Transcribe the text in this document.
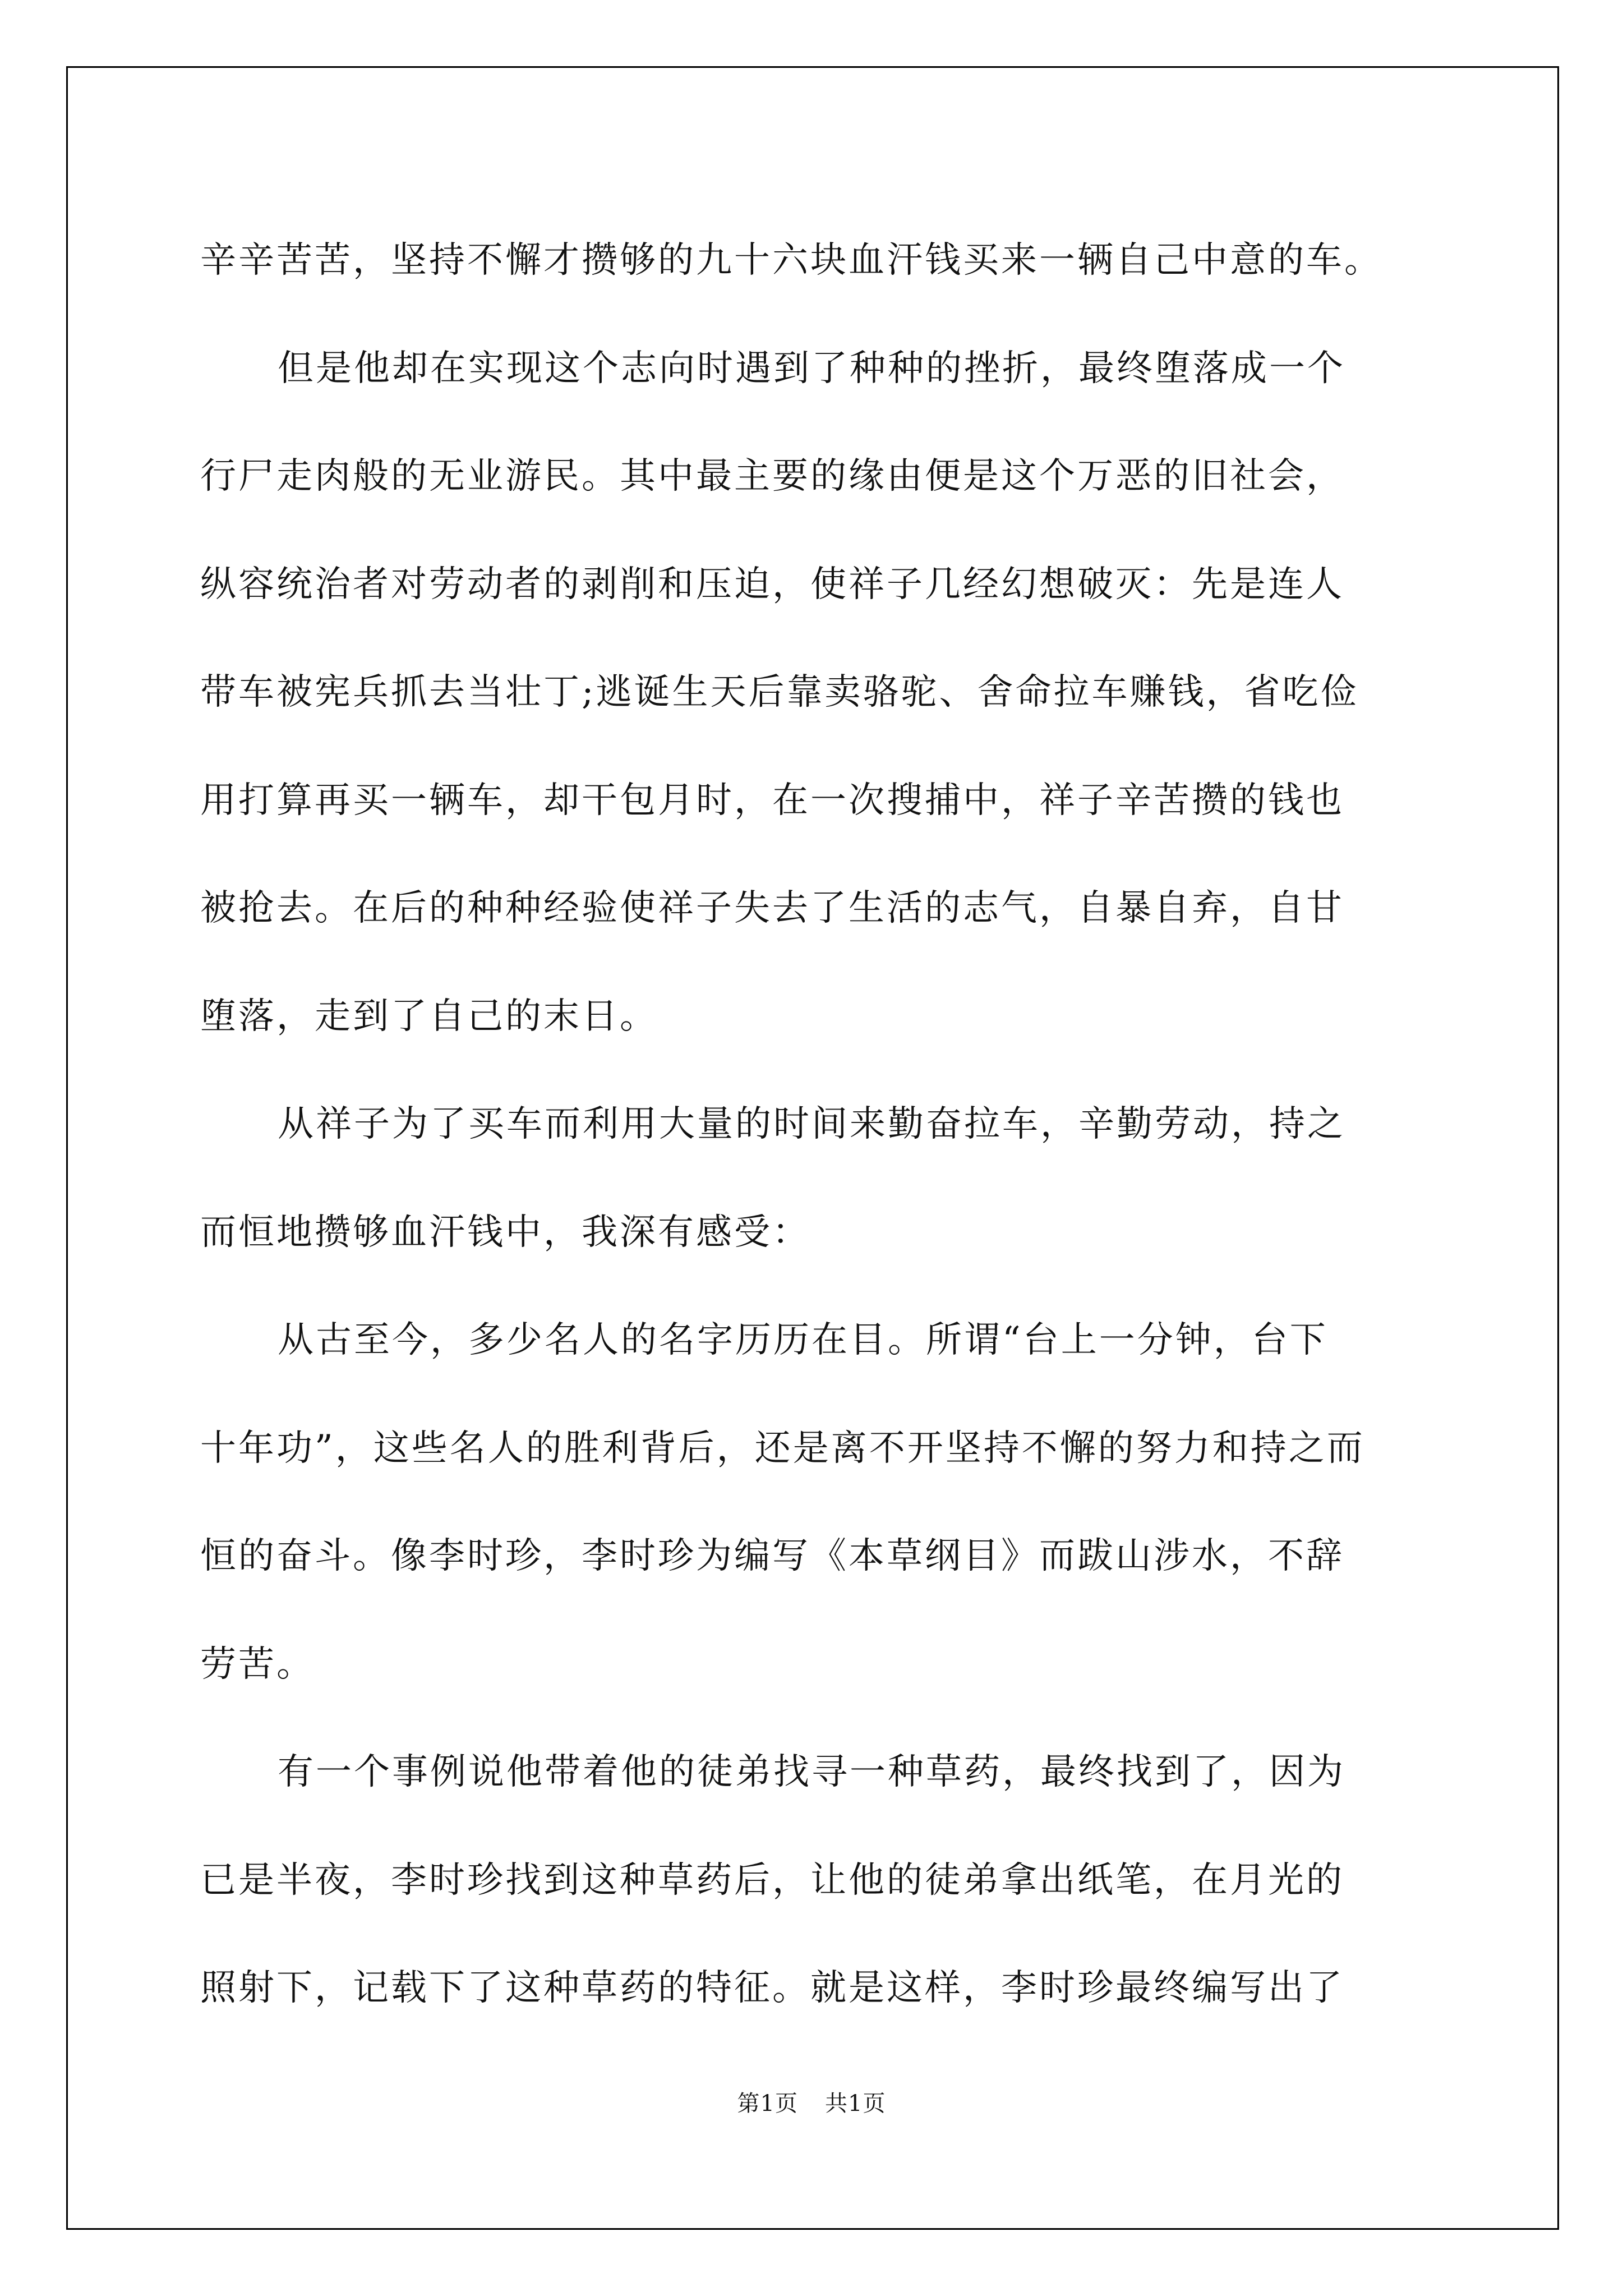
辛辛苦苦，坚持不懈才攒够的九十六块血汗钱买来一辆自己中意的车。
但是他却在实现这个志向时遇到了种种的挫折，最终堕落成一个
行尸走肉般的无业游民。其中最主要的缘由便是这个万恶的旧社会，
纵容统治者对劳动者的剥削和压迫，使祥子几经幻想破灭：先是连人
带车被宪兵抓去当壮丁;逃诞生天后靠卖骆驼、舍命拉车赚钱，省吃俭
用打算再买一辆车，却干包月时，在一次搜捕中，祥子辛苦攒的钱也
被抢去。在后的种种经验使祥子失去了生活的志气，自暴自弃，自甘
堕落，走到了自己的末日。
从祥子为了买车而利用大量的时间来勤奋拉车，辛勤劳动，持之
而恒地攒够血汗钱中，我深有感受：
从古至今，多少名人的名字历历在目。所谓“台上一分钟，台下
十年功”，这些名人的胜利背后，还是离不开坚持不懈的努力和持之而
恒的奋斗。像李时珍，李时珍为编写《本草纲目》而跋山涉水，不辞
劳苦。
有一个事例说他带着他的徒弟找寻一种草药，最终找到了，因为
已是半夜，李时珍找到这种草药后，让他的徒弟拿出纸笔，在月光的
照射下，记载下了这种草药的特征。就是这样，李时珍最终编写出了
第1页 共1页
